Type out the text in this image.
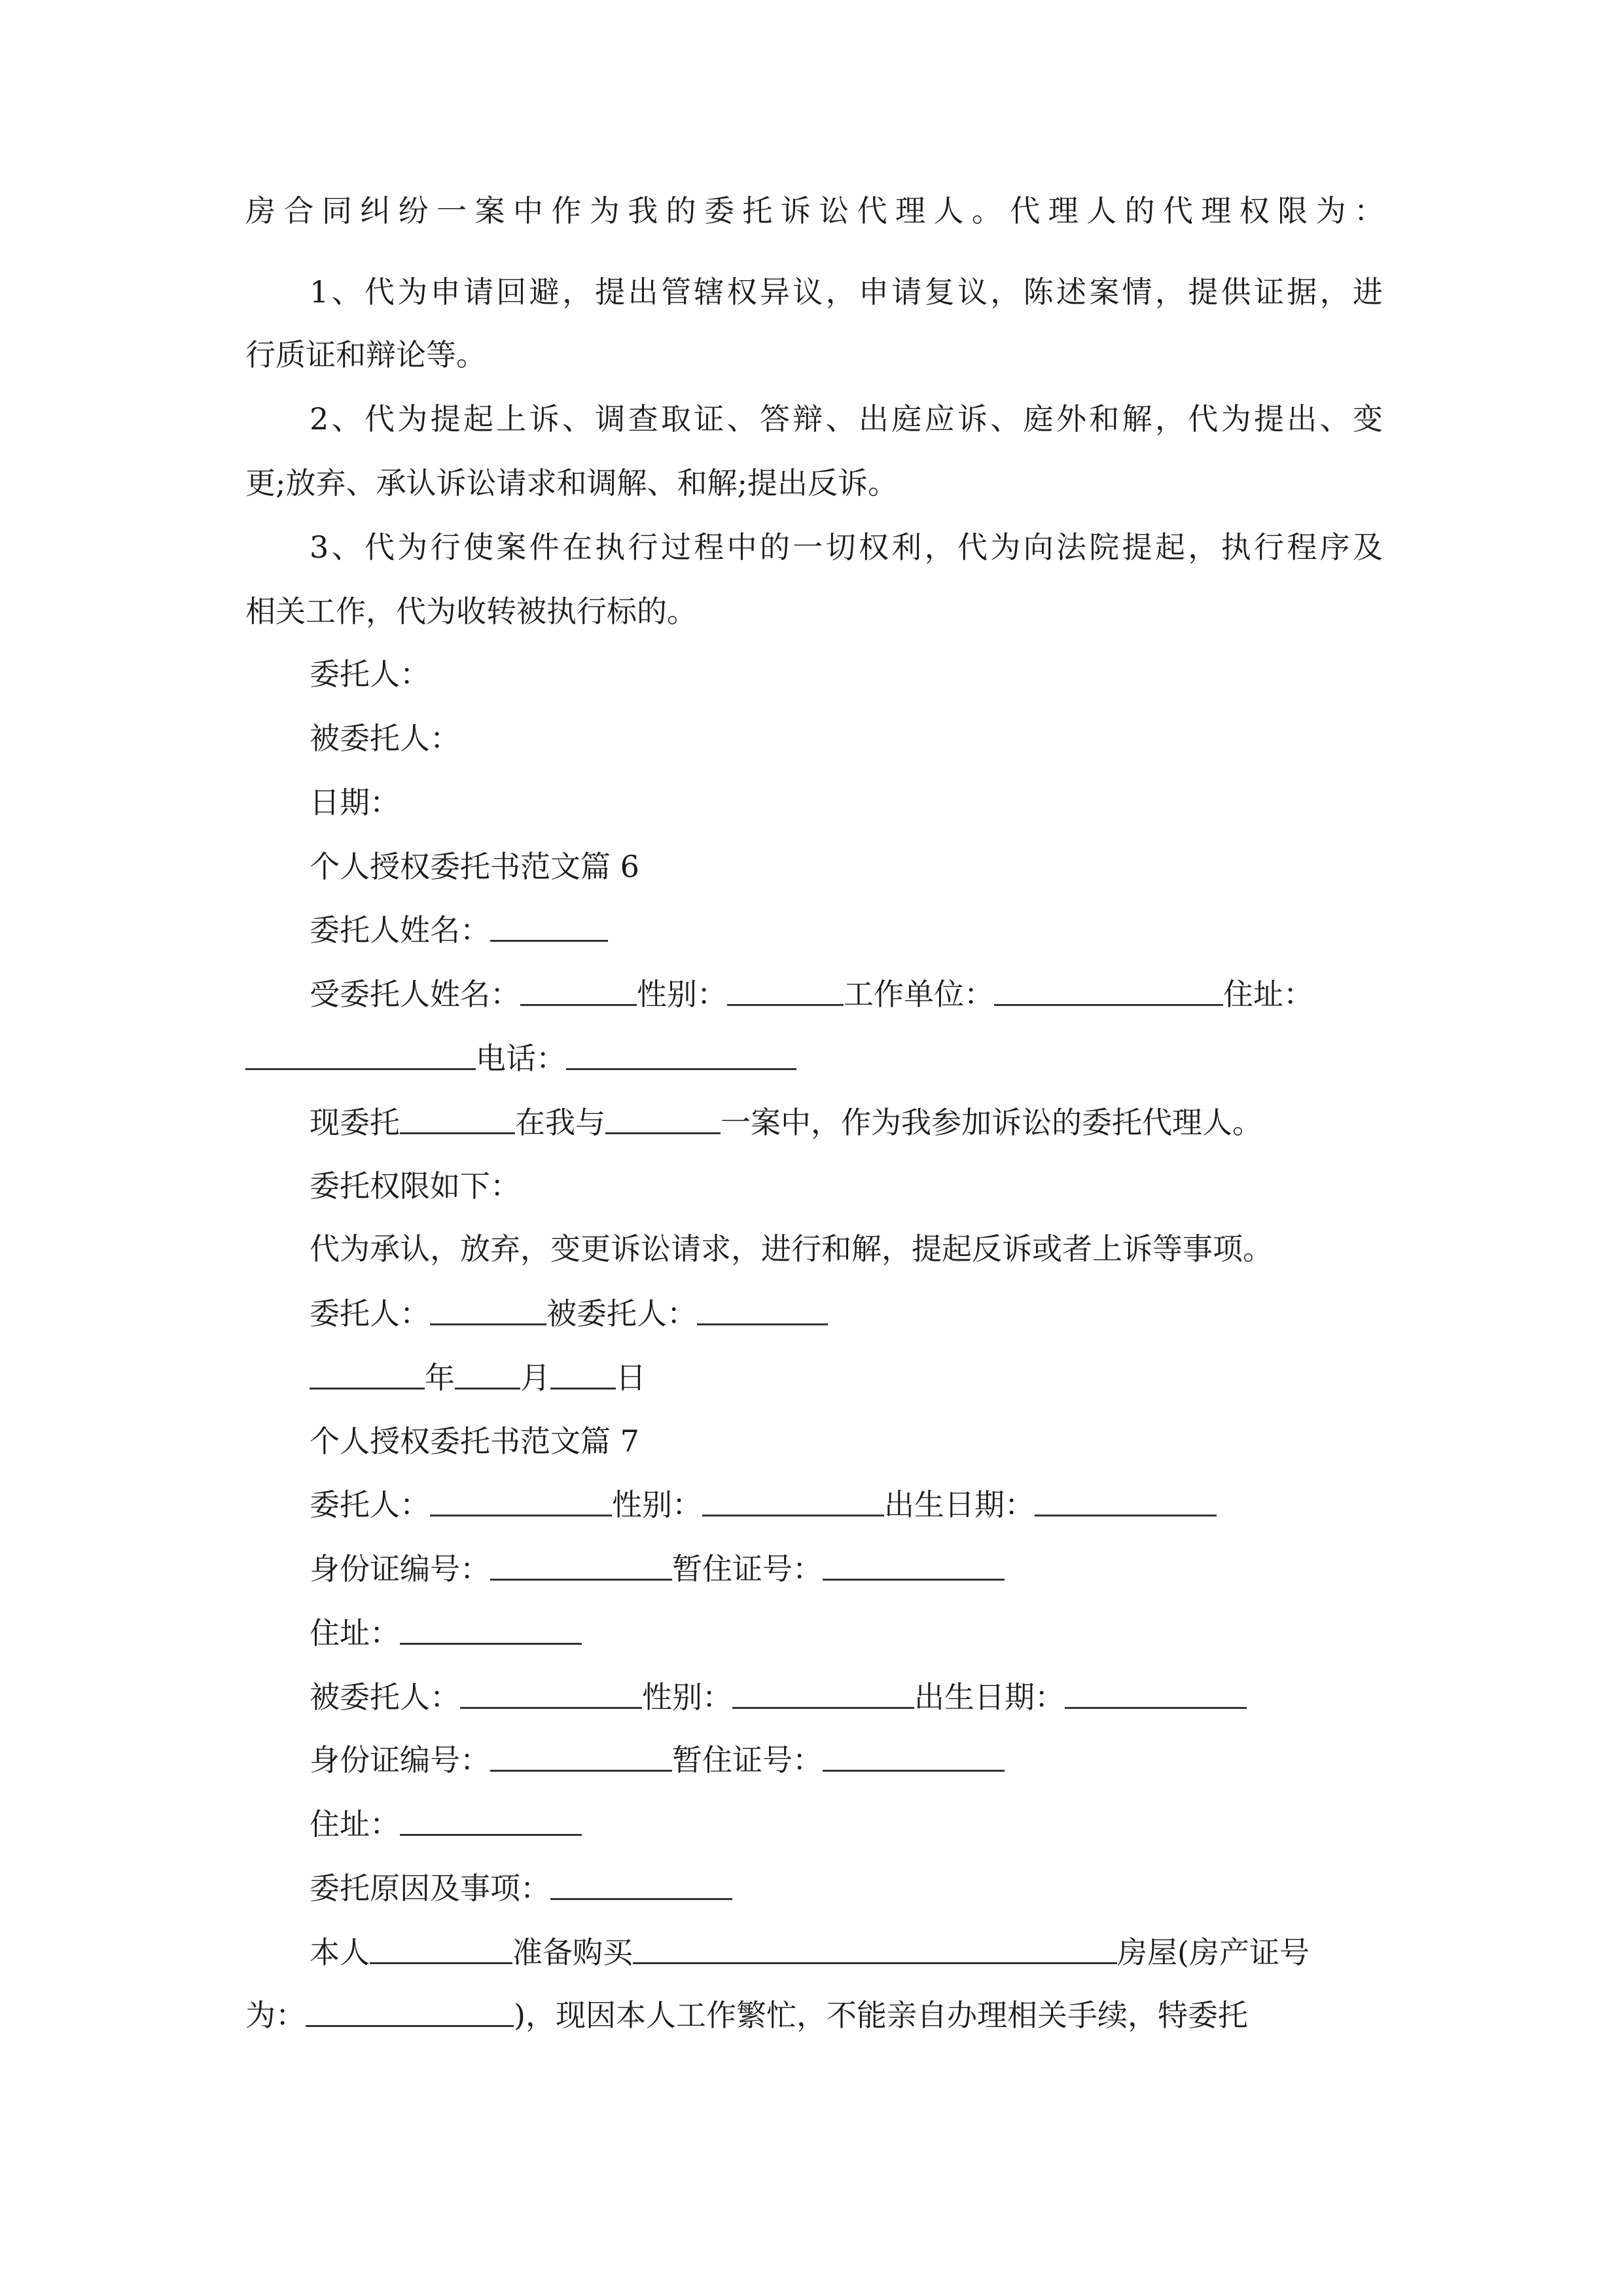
房合同纠纷一案中作为我的委托诉讼代理人。代理人的代理权限为：
1、代为申请回避，提出管辖权异议，申请复议，陈述案情，提供证据，进
行质证和辩论等。
2、代为提起上诉、调查取证、答辩、出庭应诉、庭外和解，代为提出、变
更;放弃、承认诉讼请求和调解、和解;提出反诉。
3、代为行使案件在执行过程中的一切权利，代为向法院提起，执行程序及
相关工作，代为收转被执行标的。
委托人：
被委托人：
日期：
个人授权委托书范文篇 6
委托人姓名：
受委托人姓名：	性别：	工作单位：	住址：
电话：
现委托	在我与	一案中，作为我参加诉讼的委托代理人。
委托权限如下：
代为承认，放弃，变更诉讼请求，进行和解，提起反诉或者上诉等事项。
委托人：	被委托人：
年 月 日
个人授权委托书范文篇 7
委托人：	性别：	出生日期：
身份证编号：	暂住证号：
住址：
被委托人：	性别：	出生日期：
身份证编号：	暂住证号：
住址：
委托原因及事项：
本人	准备购买	房屋(房产证号
为：	)，现因本人工作繁忙，不能亲自办理相关手续，特委托
